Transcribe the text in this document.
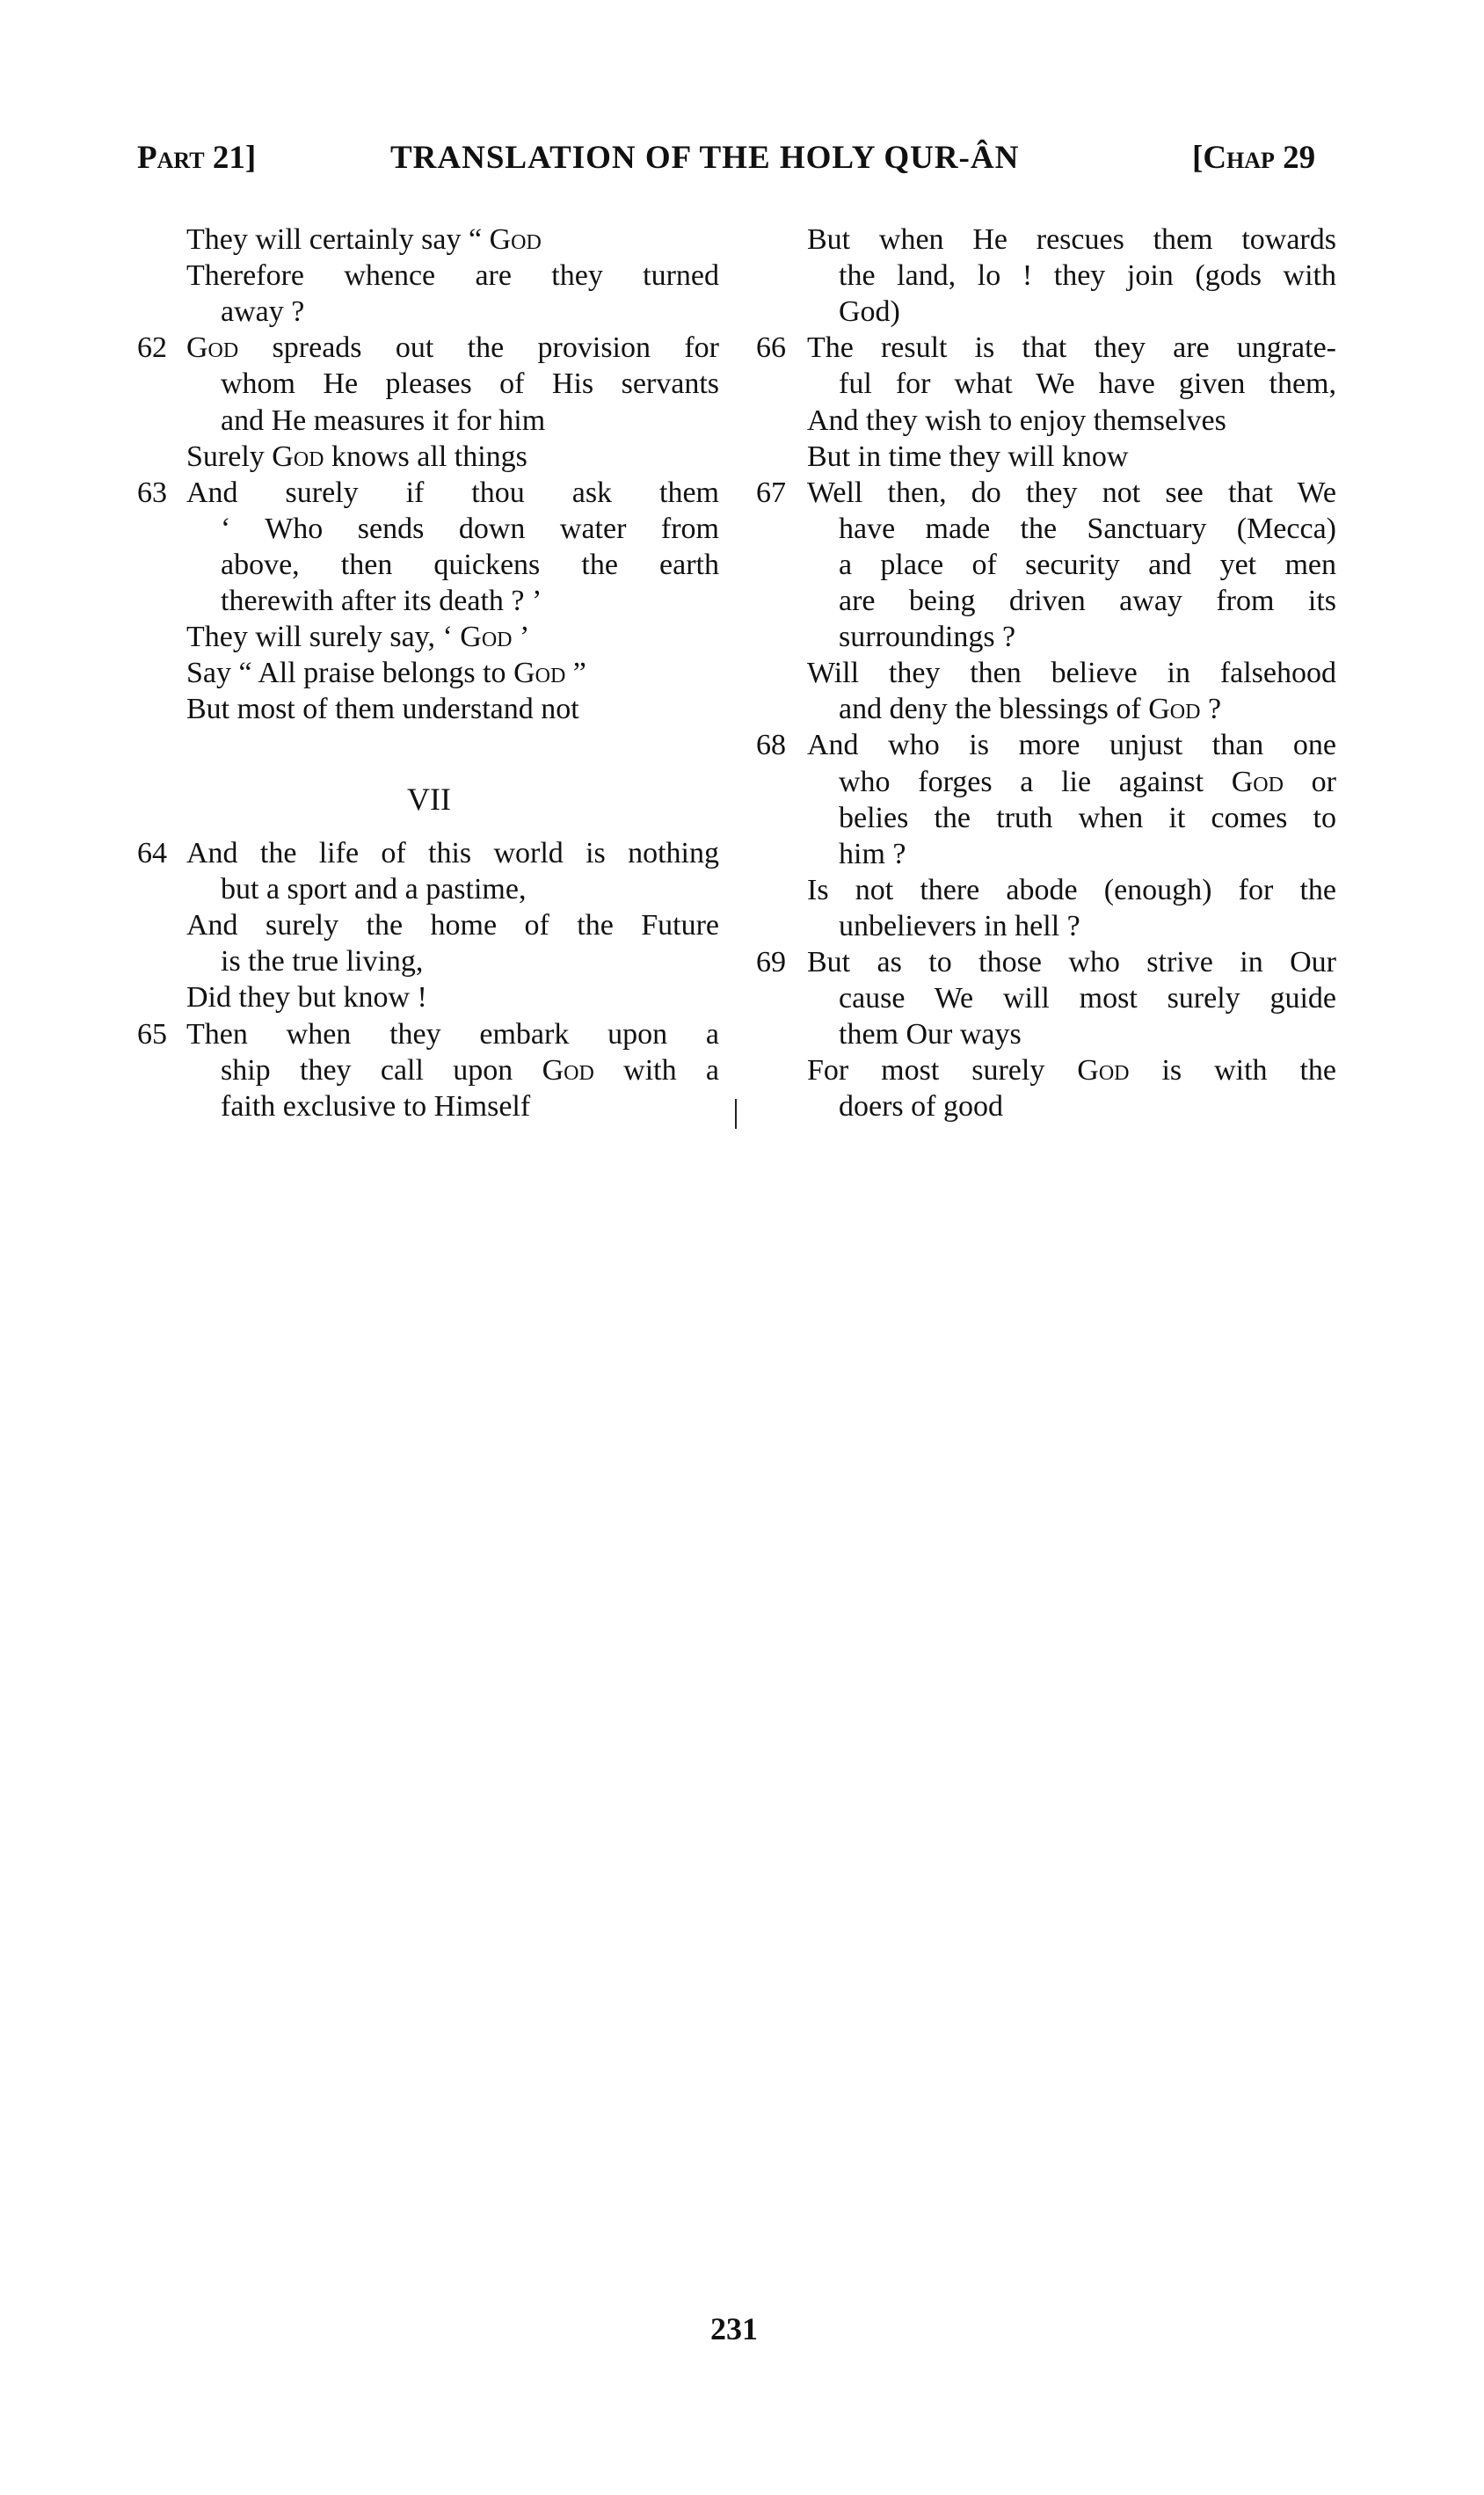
Part 21]	TRANSLATION OF THE HOLY QUR-ÂN	[Chap 29
They will certainly say “ God
Therefore whence are they turned
away ?
62 God spreads out the provision for
whom He pleases of His servants
and He measures it for him
Surely God knows all things
63 And surely if thou ask them
‘ Who sends down water from
above, then quickens the earth
therewith after its death ? ’
They will surely say, ‘ God ’
Say “ All praise belongs to God ”
But most of them understand not
64 And the life of this world is nothing
but a sport and a pastime,
And surely the home of the Future
is the true living,
Did they but know !
65 Then when they embark upon a
ship they call upon God with a
faith exclusive to Himself
But when He rescues them towards
the land, lo ! they join (gods with
God)
66 The result is that they are ungrate-
ful for what We have given them,
And they wish to enjoy themselves
But in time they will know
67 Well then, do they not see that We
have made the Sanctuary (Mecca)
a place of security and yet men
are being driven away from its
surroundings ?
Will they then believe in falsehood
and deny the blessings of God ?
68 And who is more unjust than one
who forges a lie against God or
belies the truth when it comes to
him ?
Is not there abode (enough) for the
unbelievers in hell ?
69 But as to those who strive in Our
cause We will most surely guide
them Our ways
For most surely God is with the
doers of good
VII
231
